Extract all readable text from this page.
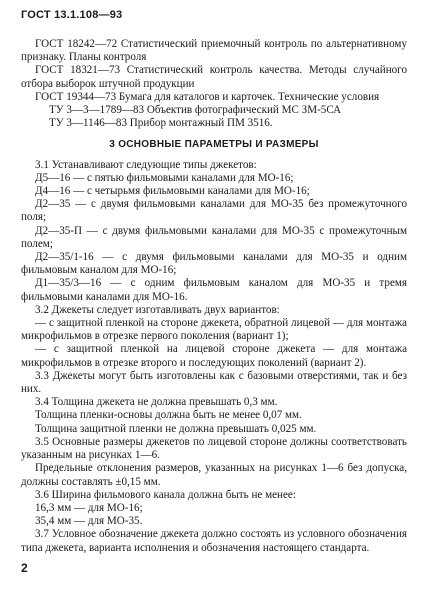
ГОСТ 13.1.108—93

ГОСТ 18242—72 Статистический приемочный контроль по альтернативному признаку. Планы контроля

ГОСТ 18321—73 Статистический контроль качества. Методы случайного отбора выборок штучной продукции

ГОСТ 19344—73 Бумага для каталогов и карточек. Технические условия

ТУ 3—3—1789—83 Объектив фотографический МС ЗМ-5СА

ТУ 3—1146—83 Прибор монтажный ПМ 3516.

3 ОСНОВНЫЕ ПАРАМЕТРЫ И РАЗМЕРЫ

3.1 Устанавливают следующие типы джекетов:

Д5—16 — с пятью фильмовыми каналами для МО-16;

Д4—16 — с четырьмя фильмовыми каналами для МО-16;

Д2—35 — с двумя фильмовыми каналами для МО-35 без промежуточного поля;

Д2—35-П — с двумя фильмовыми каналами для МО-35 с промежуточным полем;

Д2—35/1-16 — с двумя фильмовыми каналами для МО-35 и одним фильмовым каналом для МО-16;

Д1—35/3—16 — с одним фильмовым каналом для МО-35 и тремя фильмовыми каналами для МО-16.

3.2 Джекеты следует изготавливать двух вариантов:

— с защитной пленкой на стороне джекета, обратной лицевой — для монтажа микрофильмов в отрезке первого поколения (вариант 1);

— с защитной пленкой на лицевой стороне джекета — для монтажа микрофильмов в отрезке второго и последующих поколений (вариант 2).

3.3 Джекеты могут быть изготовлены как с базовыми отверстиями, так и без них.

3.4 Толщина джекета не должна превышать 0,3 мм.

Толщина пленки-основы должна быть не менее 0,07 мм.

Толщина защитной пленки не должна превышать 0,025 мм.

3.5 Основные размеры джекетов по лицевой стороне должны соответствовать указанным на рисунках 1—6.

Предельные отклонения размеров, указанных на рисунках 1—6 без допуска, должны составлять ±0,15 мм.

3.6 Ширина фильмового канала должна быть не менее:

16,3 мм — для МО-16;

35,4 мм — для МО-35.

3.7 Условное обозначение джекета должно состоять из условного обозначения типа джекета, варианта исполнения и обозначения настоящего стандарта.

2
